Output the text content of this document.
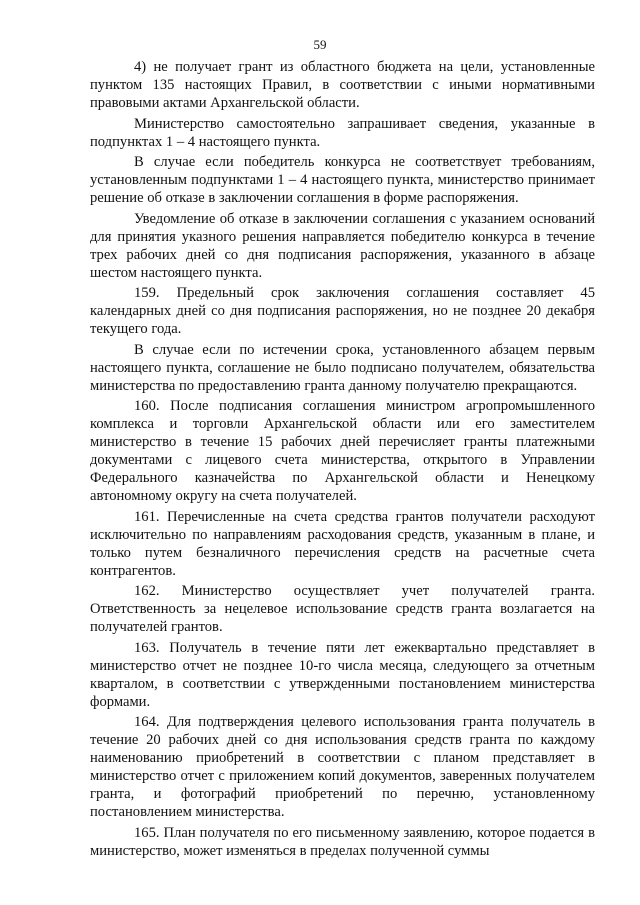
59

4) не получает грант из областного бюджета на цели, установленные пунктом 135 настоящих Правил, в соответствии с иными нормативными правовыми актами Архангельской области.

Министерство самостоятельно запрашивает сведения, указанные в подпунктах 1 – 4 настоящего пункта.

В случае если победитель конкурса не соответствует требованиям, установленным подпунктами 1 – 4 настоящего пункта, министерство принимает решение об отказе в заключении соглашения в форме распоряжения.

Уведомление об отказе в заключении соглашения с указанием оснований для принятия указного решения направляется победителю конкурса в течение трех рабочих дней со дня подписания распоряжения, указанного в абзаце шестом настоящего пункта.

159. Предельный срок заключения соглашения составляет 45 календарных дней со дня подписания распоряжения, но не позднее 20 декабря текущего года.

В случае если по истечении срока, установленного абзацем первым настоящего пункта, соглашение не было подписано получателем, обязательства министерства по предоставлению гранта данному получателю прекращаются.

160. После подписания соглашения министром агропромышленного комплекса и торговли Архангельской области или его заместителем министерство в течение 15 рабочих дней перечисляет гранты платежными документами с лицевого счета министерства, открытого в Управлении Федерального казначейства по Архангельской области и Ненецкому автономному округу на счета получателей.

161. Перечисленные на счета средства грантов получатели расходуют исключительно по направлениям расходования средств, указанным в плане, и только путем безналичного перечисления средств на расчетные счета контрагентов.

162. Министерство осуществляет учет получателей гранта. Ответственность за нецелевое использование средств гранта возлагается на получателей грантов.

163. Получатель в течение пяти лет ежеквартально представляет в министерство отчет не позднее 10-го числа месяца, следующего за отчетным кварталом, в соответствии с утвержденными постановлением министерства формами.

164. Для подтверждения целевого использования гранта получатель в течение 20 рабочих дней со дня использования средств гранта по каждому наименованию приобретений в соответствии с планом представляет в министерство отчет с приложением копий документов, заверенных получателем гранта, и фотографий приобретений по перечню, установленному постановлением министерства.

165. План получателя по его письменному заявлению, которое подается в министерство, может изменяться в пределах полученной суммы
